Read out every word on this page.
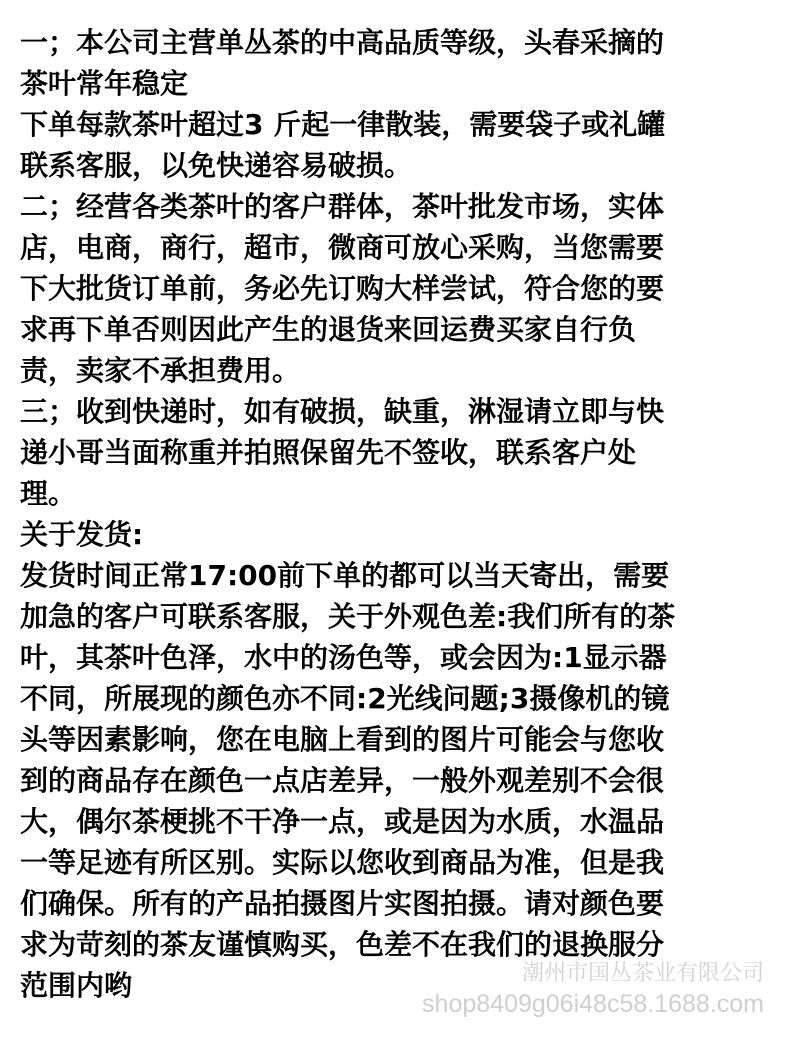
一；本公司主营单丛茶的中高品质等级，头春采摘的
茶叶常年稳定
下单每款茶叶超过3 斤起一律散装，需要袋子或礼罐
联系客服，以免快递容易破损。
二；经营各类茶叶的客户群体，茶叶批发市场，实体
店，电商，商行，超市，微商可放心采购，当您需要
下大批货订单前，务必先订购大样尝试，符合您的要
求再下单否则因此产生的退货来回运费买家自行负
责，卖家不承担费用。
三；收到快递时，如有破损，缺重，淋湿请立即与快
递小哥当面称重并拍照保留先不签收，联系客户处
理。
关于发货:
发货时间正常17:00前下单的都可以当天寄出，需要
加急的客户可联系客服，关于外观色差:我们所有的茶
叶，其茶叶色泽，水中的汤色等，或会因为:1显示器
不同，所展现的颜色亦不同:2光线问题;3摄像机的镜
头等因素影响，您在电脑上看到的图片可能会与您收
到的商品存在颜色一点店差异，一般外观差别不会很
大，偶尔茶梗挑不干净一点，或是因为水质，水温品
一等足迹有所区别。实际以您收到商品为准，但是我
们确保。所有的产品拍摄图片实图拍摄。请对颜色要
求为苛刻的茶友谨慎购买，色差不在我们的退换服分
范围内哟	潮州市国丛茶业有限公司
shop8409g06i48c58.1688.com
